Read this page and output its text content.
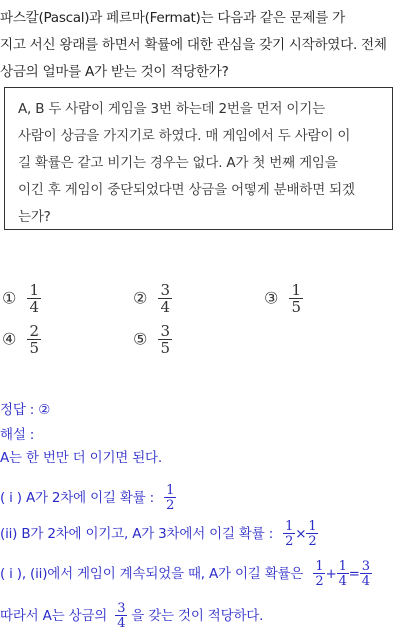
파스칼(Pascal)과 페르마(Fermat)는 다음과 같은 문제를 가
지고 서신 왕래를 하면서 확률에 대한 관심을 갖기 시작하였다. 전체
상금의 얼마를 A가 받는 것이 적당한가?
A, B 두 사람이 게임을 3번 하는데 2번을 먼저 이기는
사람이 상금을 가지기로 하였다. 매 게임에서 두 사람이 이
길 확률은 같고 비기는 경우는 없다. A가 첫 번째 게임을
이긴 후 게임이 중단되었다면 상금을 어떻게 분배하면 되겠
는가?
① $\frac{1}{4}$	② $\frac{3}{4}$	③ $\frac{1}{5}$
④ $\frac{2}{5}$	⑤ $\frac{3}{5}$
정답 : ②
해설 :
A는 한 번만 더 이기면 된다.
( i ) A가 2차에 이길 확률 : $\frac{1}{2}$
(ii) B가 2차에 이기고, A가 3차에서 이길 확률 : $\frac{1}{2} \times \frac{1}{2}$
( i ), (ii)에서 게임이 계속되었을 때, A가 이길 확률은 $\frac{1}{2} + \frac{1}{4} = \frac{3}{4}$
따라서 A는 상금의 $\frac{3}{4}$ 을 갖는 것이 적당하다.
